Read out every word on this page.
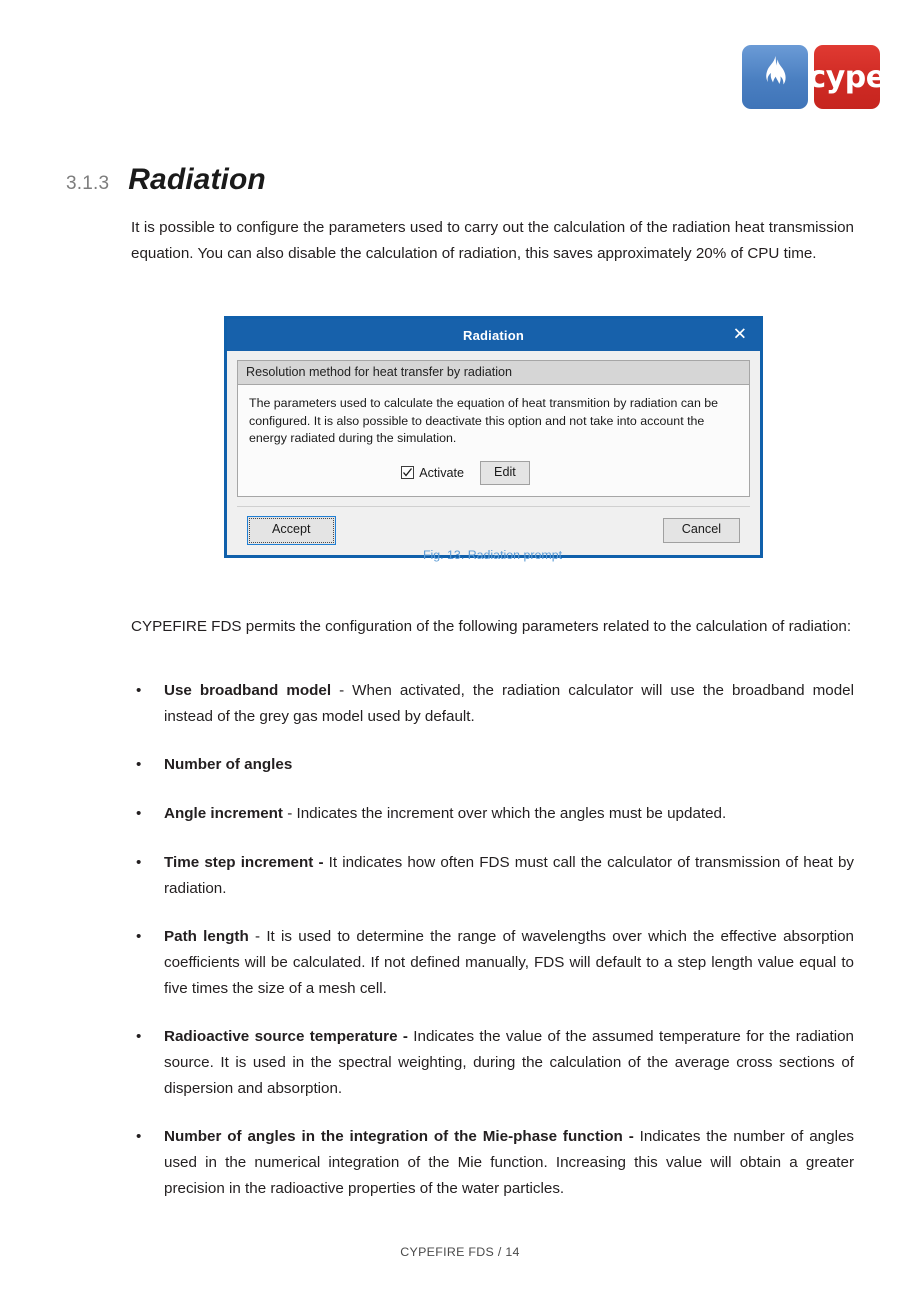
cype
3.1.3 Radiation

It is possible to configure the parameters used to carry out the calculation of the radiation heat transmission equation. You can also disable the calculation of radiation, this saves approximately 20% of CPU time.

Radiation	✕
Resolution method for heat transfer by radiation

The parameters used to calculate the equation of heat transmition by radiation can be configured. It is also possible to deactivate this option and not take into account the energy radiated during the simulation.

Activate	Edit
Accept	Cancel
Fig. 13. Radiation prompt

CYPEFIRE FDS permits the configuration of the following parameters related to the calculation of radiation:

• Use broadband model - When activated, the radiation calculator will use the broadband model instead of the grey gas model used by default.
• Number of angles
• Angle increment - Indicates the increment over which the angles must be updated.
• Time step increment - It indicates how often FDS must call the calculator of transmission of heat by radiation.
• Path length - It is used to determine the range of wavelengths over which the effective absorption coefficients will be calculated. If not defined manually, FDS will default to a step length value equal to five times the size of a mesh cell.
• Radioactive source temperature - Indicates the value of the assumed temperature for the radiation source. It is used in the spectral weighting, during the calculation of the average cross sections of dispersion and absorption.
• Number of angles in the integration of the Mie-phase function - Indicates the number of angles used in the numerical integration of the Mie function. Increasing this value will obtain a greater precision in the radioactive properties of the water particles.
CYPEFIRE FDS / 14
